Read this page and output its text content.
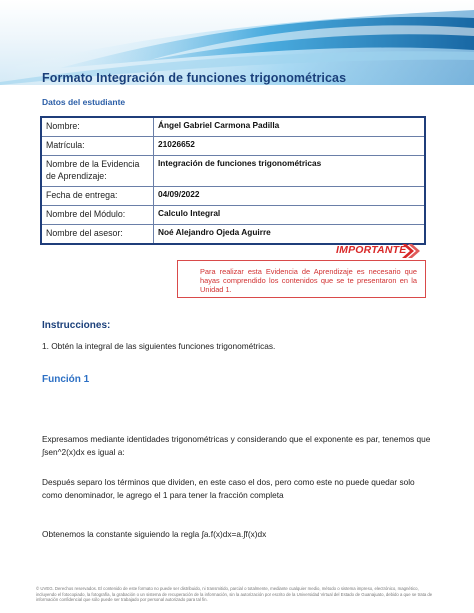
Formato Integración de funciones trigonométricas
Datos del estudiante
Nombre:	Ángel Gabriel Carmona Padilla
Matrícula:	21026652
Nombre de la Evidencia de Aprendizaje:	Integración de funciones trigonométricas
Fecha de entrega:	04/09/2022
Nombre del Módulo:	Calculo Integral
Nombre del asesor:	Noé Alejandro Ojeda Aguirre
IMPORTANTE
Para realizar esta Evidencia de Aprendizaje es necesario que hayas comprendido los contenidos que se te presentaron en la Unidad 1.
Instrucciones:

1. Obtén la integral de las siguientes funciones trigonométricas.

Función 1

Expresamos mediante identidades trigonométricas y considerando que el exponente es par, tenemos que ∫sen^2(x)dx es igual a:

Después separo los términos que dividen, en este caso el dos, pero como este no puede quedar solo como denominador, le agrego el 1 para tener la fracción completa

Obtenemos la constante siguiendo la regla ∫a.f(x)dx=a.∫f(x)dx

© UVEG. Derechos reservados. El contenido de este formato no puede ser distribuido, ni transmitido, parcial o totalmente, mediante cualquier medio, método o sistema impreso, electrónico, magnético, incluyendo el fotocopiado, la fotografía, la grabación o un sistema de recuperación de la información, sin la autorización por escrito de la Universidad Virtual del Estado de Guanajuato, debido a que se trata de información confidencial que sólo puede ser trabajado por personal autorizado para tal fin.
